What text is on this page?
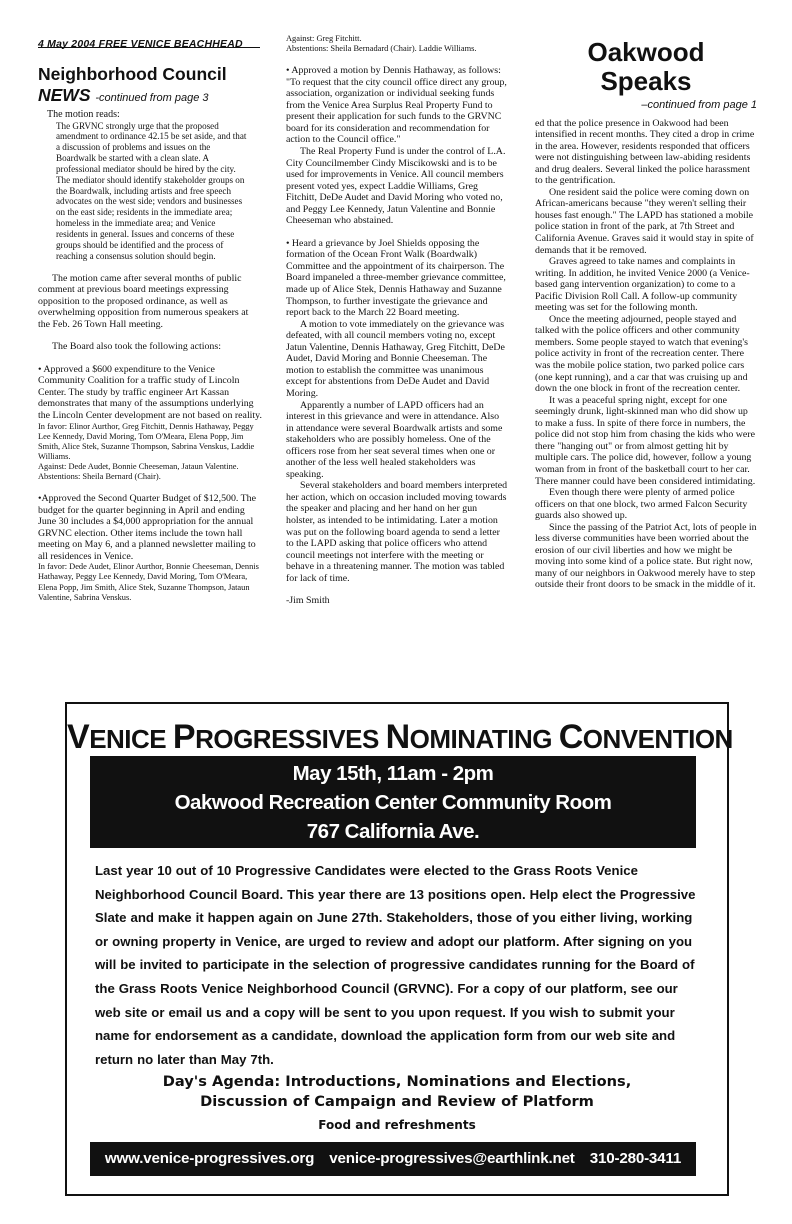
4 May 2004 FREE VENICE BEACHHEAD
Neighborhood Council
NEWS -continued from page 3

The motion reads:

The GRVNC strongly urge that the proposed amendment to ordinance 42.15 be set aside, and that a discussion of problems and issues on the Boardwalk be started with a clean slate. A professional mediator should be hired by the city. The mediator should identify stakeholder groups on the Boardwalk, including artists and free speech advocates on the west side; vendors and businesses on the east side; residents in the immediate area; homeless in the immediate area; and Venice residents in general. Issues and concerns of these groups should be identified and the process of reaching a consensus solution should begin.

The motion came after several months of public comment at previous board meetings expressing opposition to the proposed ordinance, as well as overwhelming opposition from numerous speakers at the Feb. 26 Town Hall meeting.

The Board also took the following actions:

• Approved a $600 expenditure to the Venice Community Coalition for a traffic study of Lincoln Center. The study by traffic engineer Art Kassan demonstrates that many of the assumptions underlying the Lincoln Center development are not based on reality.

In favor: Elinor Aurthor, Greg Fitchitt, Dennis Hathaway, Peggy Lee Kennedy, David Moring, Tom O'Meara, Elena Popp, Jim Smith, Alice Stek, Suzanne Thompson, Sabrina Venskus, Laddie Williams.

Against: Dede Audet, Bonnie Cheeseman, Jataun Valentine.

Abstentions: Sheila Bernard (Chair).

•Approved the Second Quarter Budget of $12,500. The budget for the quarter beginning in April and ending June 30 includes a $4,000 appropriation for the annual GRVNC election. Other items include the town hall meeting on May 6, and a planned newsletter mailing to all residences in Venice.

In favor: Dede Audet, Elinor Aurthor, Bonnie Cheeseman, Dennis Hathaway, Peggy Lee Kennedy, David Moring, Tom O'Meara, Elena Popp, Jim Smith, Alice Stek, Suzanne Thompson, Jataun Valentine, Sabrina Venskus.

Against: Greg Fitchitt.

Abstentions: Sheila Bernadard (Chair). Laddie Williams.

• Approved a motion by Dennis Hathaway, as follows: "To request that the city council office direct any group, association, organization or individual seeking funds from the Venice Area Surplus Real Property Fund to present their application for such funds to the GRVNC board for its consideration and recommendation for action to the Council office."

The Real Property Fund is under the control of L.A. City Councilmember Cindy Miscikowski and is to be used for improvements in Venice. All council members present voted yes, expect Laddie Williams, Greg Fitchitt, DeDe Audet and David Moring who voted no, and Peggy Lee Kennedy, Jatun Valentine and Bonnie Cheeseman who abstained.

• Heard a grievance by Joel Shields opposing the formation of the Ocean Front Walk (Boardwalk) Committee and the appointment of its chairperson. The Board impaneled a three-member grievance committee, made up of Alice Stek, Dennis Hathaway and Suzanne Thompson, to further investigate the grievance and report back to the March 22 Board meeting.

A motion to vote immediately on the grievance was defeated, with all council members voting no, except Jatun Valentine, Dennis Hathaway, Greg Fitchitt, DeDe Audet, David Moring and Bonnie Cheeseman. The motion to establish the committee was unanimous except for abstentions from DeDe Audet and David Moring.

Apparently a number of LAPD officers had an interest in this grievance and were in attendance. Also in attendance were several Boardwalk artists and some stakeholders who are possibly homeless. One of the officers rose from her seat several times when one or another of the less well healed stakeholders was speaking.

Several stakeholders and board members interpreted her action, which on occasion included moving towards the speaker and placing and her hand on her gun holster, as intended to be intimidating. Later a motion was put on the following board agenda to send a letter to the LAPD asking that police officers who attend council meetings not interfere with the meeting or behave in a threatening manner. The motion was tabled for lack of time.

-Jim Smith

Oakwood
Speaks
–continued from page 1

ed that the police presence in Oakwood had been intensified in recent months. They cited a drop in crime in the area. However, residents responded that officers were not distinguishing between law-abiding residents and drug dealers. Several linked the police harassment to the gentrification.

One resident said the police were coming down on African-americans because "they weren't selling their houses fast enough." The LAPD has stationed a mobile police station in front of the park, at 7th Street and California Avenue. Graves said it would stay in spite of demands that it be removed.

Graves agreed to take names and complaints in writing. In addition, he invited Venice 2000 (a Venice-based gang intervention organization) to come to a Pacific Division Roll Call. A follow-up community meeting was set for the following month.

Once the meeting adjourned, people stayed and talked with the police officers and other community members. Some people stayed to watch that evening's police activity in front of the recreation center. There was the mobile police station, two parked police cars (one kept running), and a car that was cruising up and down the one block in front of the recreation center.

It was a peaceful spring night, except for one seemingly drunk, light-skinned man who did show up to make a fuss. In spite of there force in numbers, the police did not stop him from chasing the kids who were there "hanging out" or from almost getting hit by multiple cars. The police did, however, follow a young woman from in front of the basketball court to her car. There manner could have been considered intimidating.

Even though there were plenty of armed police officers on that one block, two armed Falcon Security guards also showed up.

Since the passing of the Patriot Act, lots of people in less diverse communities have been worried about the erosion of our civil liberties and how we might be moving into some kind of a police state. But right now, many of our neighbors in Oakwood merely have to step outside their front doors to be smack in the middle of it.

VENICE PROGRESSIVES NOMINATING CONVENTION
May 15th, 11am - 2pm
Oakwood Recreation Center Community Room
767 California Ave.
Last year 10 out of 10 Progressive Candidates were elected to the Grass Roots Venice Neighborhood Council Board. This year there are 13 positions open. Help elect the Progressive Slate and make it happen again on June 27th. Stakeholders, those of you either living, working or owning property in Venice, are urged to review and adopt our platform. After signing on you will be invited to participate in the selection of progressive candidates running for the Board of the Grass Roots Venice Neighborhood Council (GRVNC). For a copy of our platform, see our web site or email us and a copy will be sent to you upon request. If you wish to submit your name for endorsement as a candidate, download the application form from our web site and return no later than May 7th.
Day's Agenda: Introductions, Nominations and Elections,
Discussion of Campaign and Review of Platform
Food and refreshments
www.venice-progressives.org venice-progressives@earthlink.net 310-280-3411
